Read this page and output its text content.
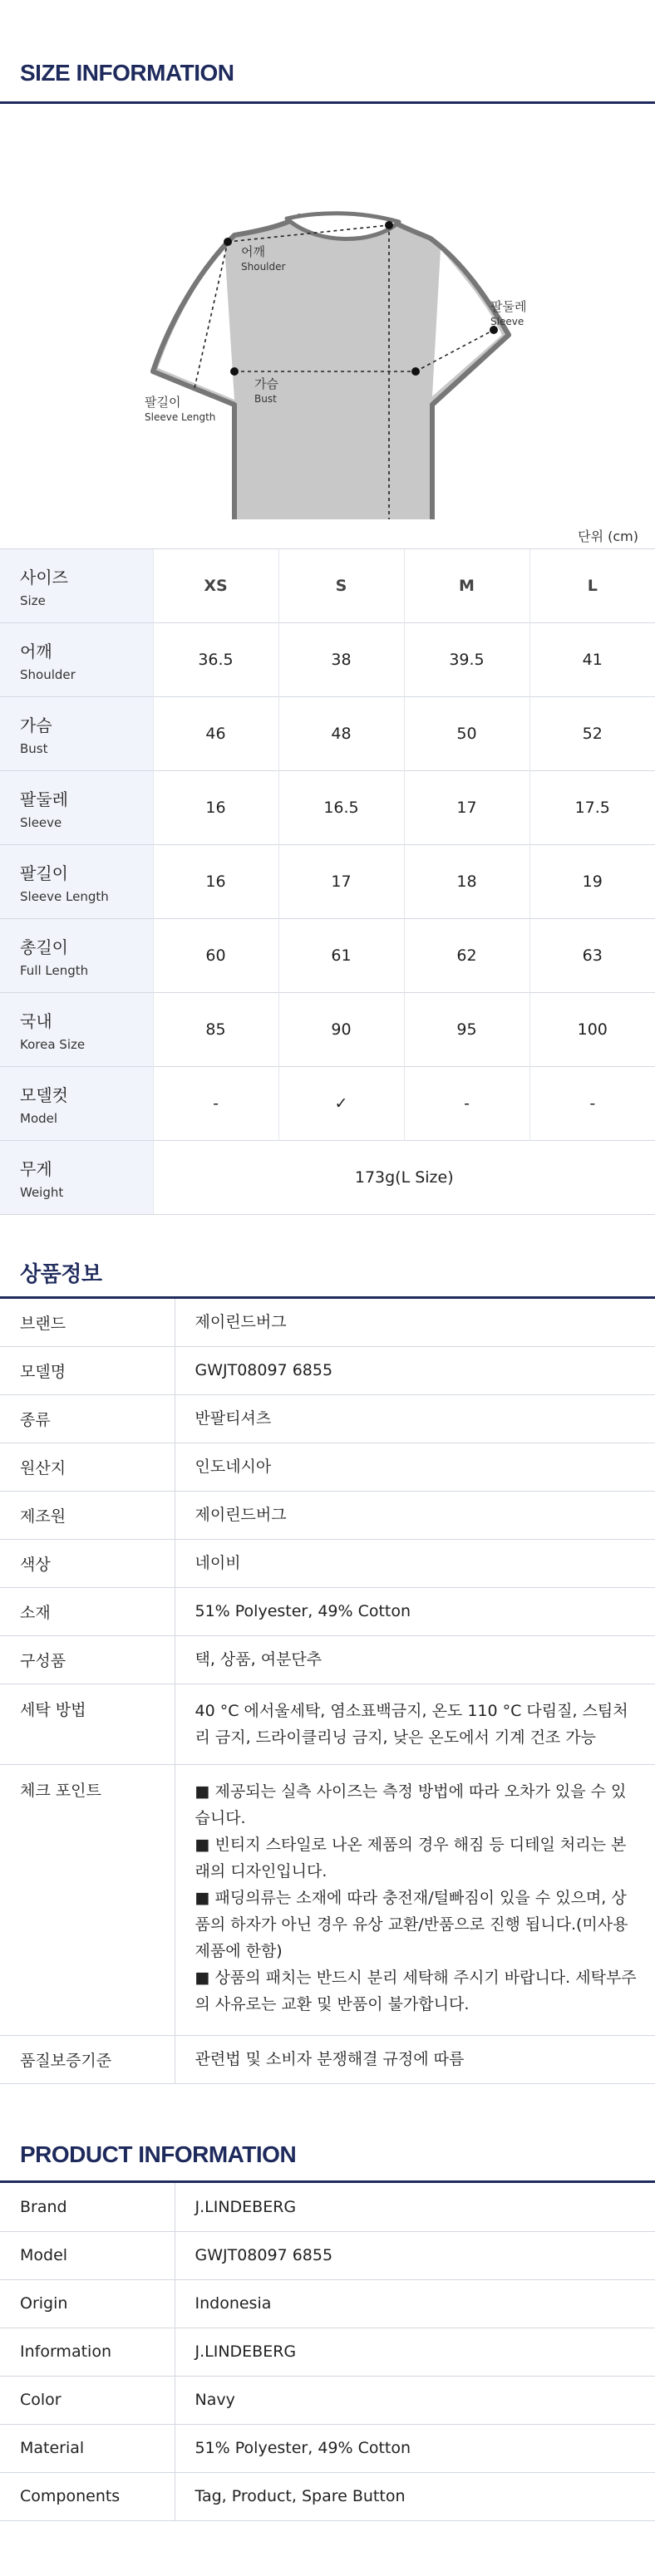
SIZE INFORMATION
어깨
Shoulder
팔둘레
Sleeve
가슴
Bust
팔길이
Sleeve Length
단위 (cm)
사이즈
Size	XS	S	M	L

어깨
Shoulder	36.5	38	39.5	41

가슴
Bust	46	48	50	52

팔둘레
Sleeve	16	16.5	17	17.5

팔길이
Sleeve Length	16	17	18	19

총길이
Full Length	60	61	62	63

국내
Korea Size	85	90	95	100

모델컷
Model	-	✓	-	-

무게
Weight	173g(L Size)			
상품정보
브랜드	제이린드버그
모델명	GWJT08097 6855
종류	반팔티셔츠
원산지	인도네시아
제조원	제이린드버그
색상	네이비
소재	51% Polyester, 49% Cotton
구성품	택, 상품, 여분단추
세탁 방법	40 °C 에서울세탁, 염소표백금지, 온도 110 °C 다림질, 스팀처리 금지, 드라이클리닝 금지, 낮은 온도에서 기계 건조 가능
체크 포인트	■ 제공되는 실측 사이즈는 측정 방법에 따라 오차가 있을 수 있습니다.
■ 빈티지 스타일로 나온 제품의 경우 해짐 등 디테일 처리는 본래의 디자인입니다.
■ 패딩의류는 소재에 따라 충전재/털빠짐이 있을 수 있으며, 상품의 하자가 아닌 경우 유상 교환/반품으로 진행 됩니다.(미사용 제품에 한함)
■ 상품의 패치는 반드시 분리 세탁해 주시기 바랍니다. 세탁부주의 사유로는 교환 및 반품이 불가합니다.

품질보증기준	관련법 및 소비자 분쟁해결 규정에 따름
PRODUCT INFORMATION
Brand	J.LINDEBERG
Model	GWJT08097 6855
Origin	Indonesia
Information	J.LINDEBERG
Color	Navy
Material	51% Polyester, 49% Cotton
Components	Tag, Product, Spare Button
